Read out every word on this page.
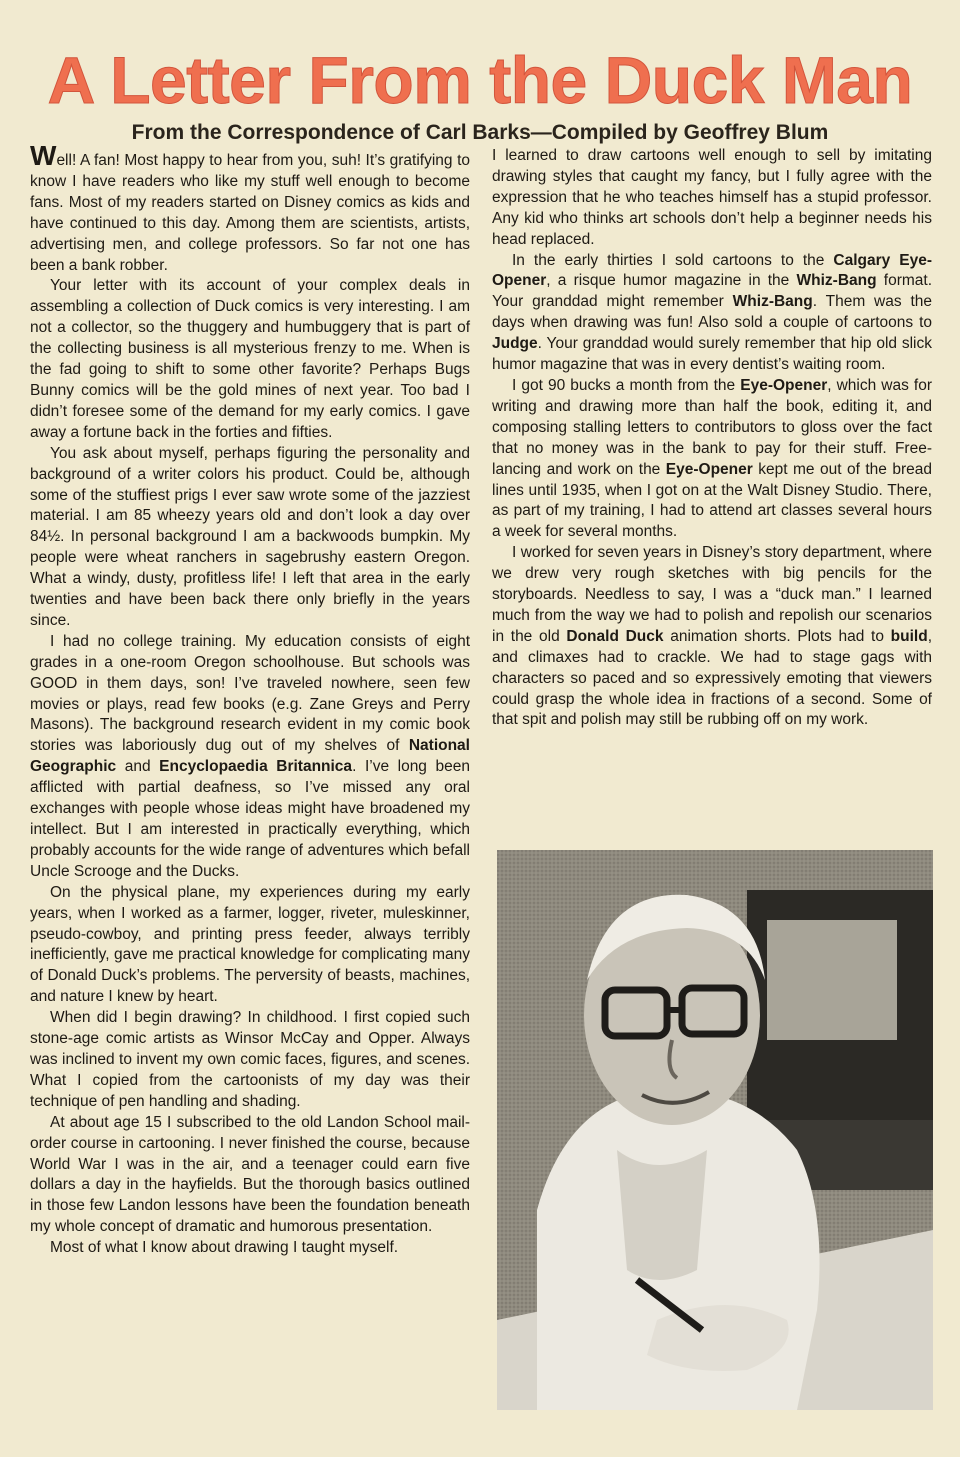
A Letter From the Duck Man
From the Correspondence of Carl Barks—Compiled by Geoffrey Blum

Well! A fan! Most happy to hear from you, suh! It’s gratifying to know I have readers who like my stuff well enough to become fans. Most of my readers started on Disney comics as kids and have continued to this day. Among them are scientists, artists, advertising men, and college professors. So far not one has been a bank robber.

Your letter with its account of your complex deals in assembling a collection of Duck comics is very interesting. I am not a collector, so the thuggery and humbuggery that is part of the collecting business is all mysterious frenzy to me. When is the fad going to shift to some other favorite? Perhaps Bugs Bunny comics will be the gold mines of next year. Too bad I didn’t foresee some of the demand for my early comics. I gave away a fortune back in the forties and fifties.

You ask about myself, perhaps figuring the personality and background of a writer colors his product. Could be, although some of the stuffiest prigs I ever saw wrote some of the jazziest material. I am 85 wheezy years old and don’t look a day over 84½. In personal background I am a backwoods bumpkin. My people were wheat ranchers in sagebrushy eastern Oregon. What a windy, dusty, profitless life! I left that area in the early twenties and have been back there only briefly in the years since.

I had no college training. My education consists of eight grades in a one-room Oregon schoolhouse. But schools was GOOD in them days, son! I’ve traveled nowhere, seen few movies or plays, read few books (e.g. Zane Greys and Perry Masons). The background research evident in my comic book stories was laboriously dug out of my shelves of National Geographic and Encyclopaedia Britannica. I’ve long been afflicted with partial deafness, so I’ve missed any oral exchanges with people whose ideas might have broadened my intellect. But I am interested in practically everything, which probably accounts for the wide range of adventures which befall Uncle Scrooge and the Ducks.

On the physical plane, my experiences during my early years, when I worked as a farmer, logger, riveter, muleskinner, pseudo-cowboy, and printing press feeder, always terribly inefficiently, gave me practical knowledge for complicating many of Donald Duck’s problems. The perversity of beasts, machines, and nature I knew by heart.

When did I begin drawing? In childhood. I first copied such stone-age comic artists as Winsor McCay and Opper. Always was inclined to invent my own comic faces, figures, and scenes. What I copied from the cartoonists of my day was their technique of pen handling and shading.

At about age 15 I subscribed to the old Landon School mail-order course in cartooning. I never finished the course, because World War I was in the air, and a teenager could earn five dollars a day in the hayfields. But the thorough basics outlined in those few Landon lessons have been the foundation beneath my whole concept of dramatic and humorous presentation.

Most of what I know about drawing I taught myself.

I learned to draw cartoons well enough to sell by imitating drawing styles that caught my fancy, but I fully agree with the expression that he who teaches himself has a stupid professor. Any kid who thinks art schools don’t help a beginner needs his head replaced.

In the early thirties I sold cartoons to the Calgary Eye-Opener, a risque humor magazine in the Whiz-Bang format. Your granddad might remember Whiz-Bang. Them was the days when drawing was fun! Also sold a couple of cartoons to Judge. Your granddad would surely remember that hip old slick humor magazine that was in every dentist’s waiting room.

I got 90 bucks a month from the Eye-Opener, which was for writing and drawing more than half the book, editing it, and composing stalling letters to contributors to gloss over the fact that no money was in the bank to pay for their stuff. Free-lancing and work on the Eye-Opener kept me out of the bread lines until 1935, when I got on at the Walt Disney Studio. There, as part of my training, I had to attend art classes several hours a week for several months.

I worked for seven years in Disney’s story department, where we drew very rough sketches with big pencils for the storyboards. Needless to say, I was a “duck man.” I learned much from the way we had to polish and repolish our scenarios in the old Donald Duck animation shorts. Plots had to build, and climaxes had to crackle. We had to stage gags with characters so paced and so expressively emoting that viewers could grasp the whole idea in fractions of a second. Some of that spit and polish may still be rubbing off on my work.
